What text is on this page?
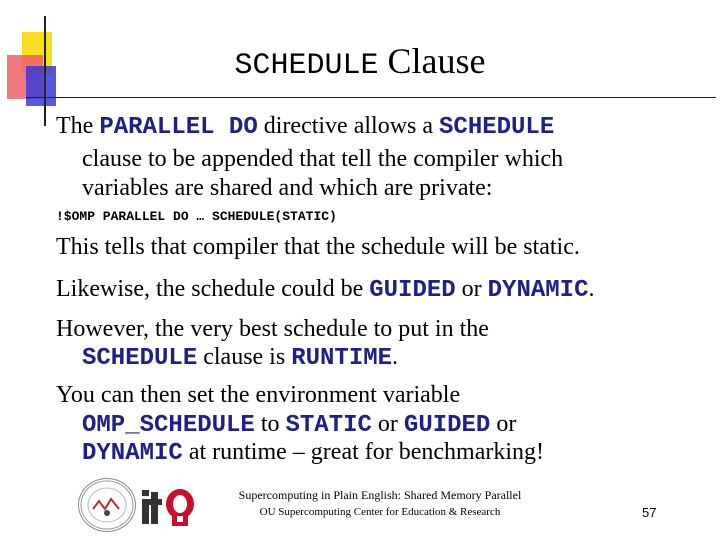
SCHEDULE Clause
The PARALLEL DO directive allows a SCHEDULE
clause to be appended that tell the compiler which
variables are shared and which are private:
!$OMP PARALLEL DO … SCHEDULE(STATIC)
This tells that compiler that the schedule will be static.
Likewise, the schedule could be GUIDED or DYNAMIC.
However, the very best schedule to put in the
SCHEDULE clause is RUNTIME.
You can then set the environment variable
OMP_SCHEDULE to STATIC or GUIDED or
DYNAMIC at runtime – great for benchmarking!
Supercomputing in Plain English: Shared Memory Parallel
OU Supercomputing Center for Education & Research	57
